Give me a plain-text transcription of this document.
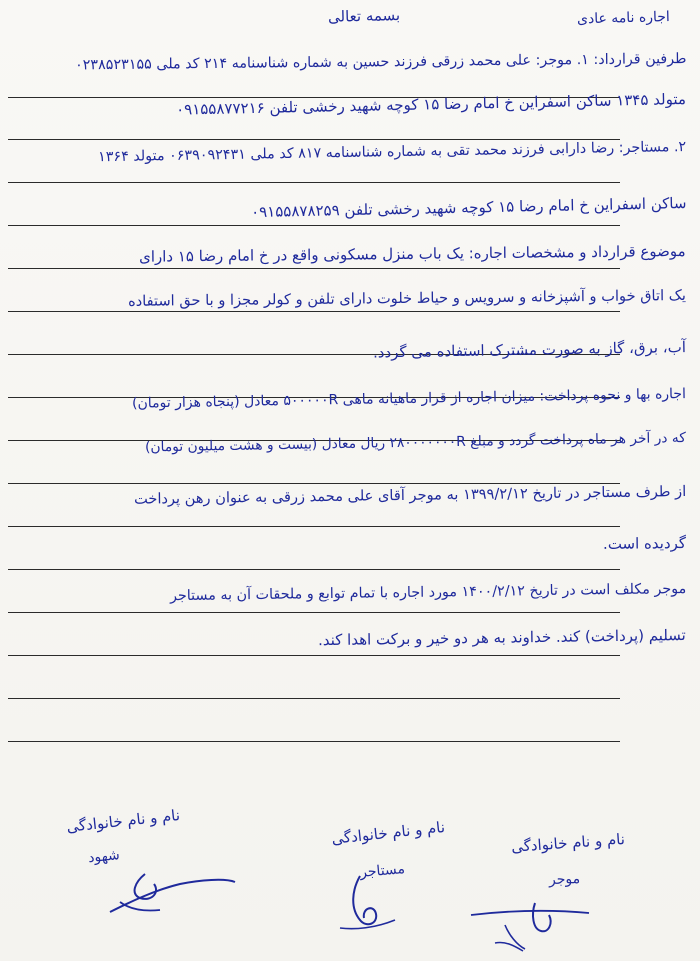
بسمه تعالی	اجاره نامه عادی
طرفین قرارداد: ۱. موجر: علی محمد زرقی فرزند حسین به شماره شناسنامه ۲۱۴ کد ملی ۰۲۳۸۵۲۳۱۵۵
متولد ۱۳۴۵ ساکن اسفراین خ امام رضا ۱۵ کوچه شهید رخشی تلفن ۰۹۱۵۵۸۷۷۲۱۶
۲. مستاجر: رضا دارابی فرزند محمد تقی به شماره شناسنامه ۸۱۷ کد ملی ۰۶۳۹۰۹۲۴۳۱ متولد ۱۳۶۴
ساکن اسفراین خ امام رضا ۱۵ کوچه شهید رخشی تلفن ۰۹۱۵۵۸۷۸۲۵۹
موضوع قرارداد و مشخصات اجاره: یک باب منزل مسکونی واقع در خ امام رضا ۱۵ دارای
یک اتاق خواب و آشپزخانه و سرویس و حیاط خلوت دارای تلفن و کولر مجزا و با حق استفاده
آب، برق، گاز به صورت مشترک استفاده می گردد.
اجاره بها و نحوه پرداخت: میزان اجاره از قرار ماهیانه ماهی ۵۰۰۰۰۰R معادل (پنجاه هزار تومان)
که در آخر هر ماه پرداخت گردد و مبلغ ۲۸۰۰۰۰۰۰۰R ریال معادل (بیست و هشت میلیون تومان)
از طرف مستاجر در تاریخ ۱۳۹۹/۲/۱۲ به موجر آقای علی محمد زرقی به عنوان رهن پرداخت
گردیده است.
موجر مکلف است در تاریخ ۱۴۰۰/۲/۱۲ مورد اجاره با تمام توابع و ملحقات آن به مستاجر
تسلیم (پرداخت) کند. خداوند به هر دو خیر و برکت اهدا کند.
نام و نام خانوادگی
شهود
نام و نام خانوادگی
مستاجر
نام و نام خانوادگی
موجر
